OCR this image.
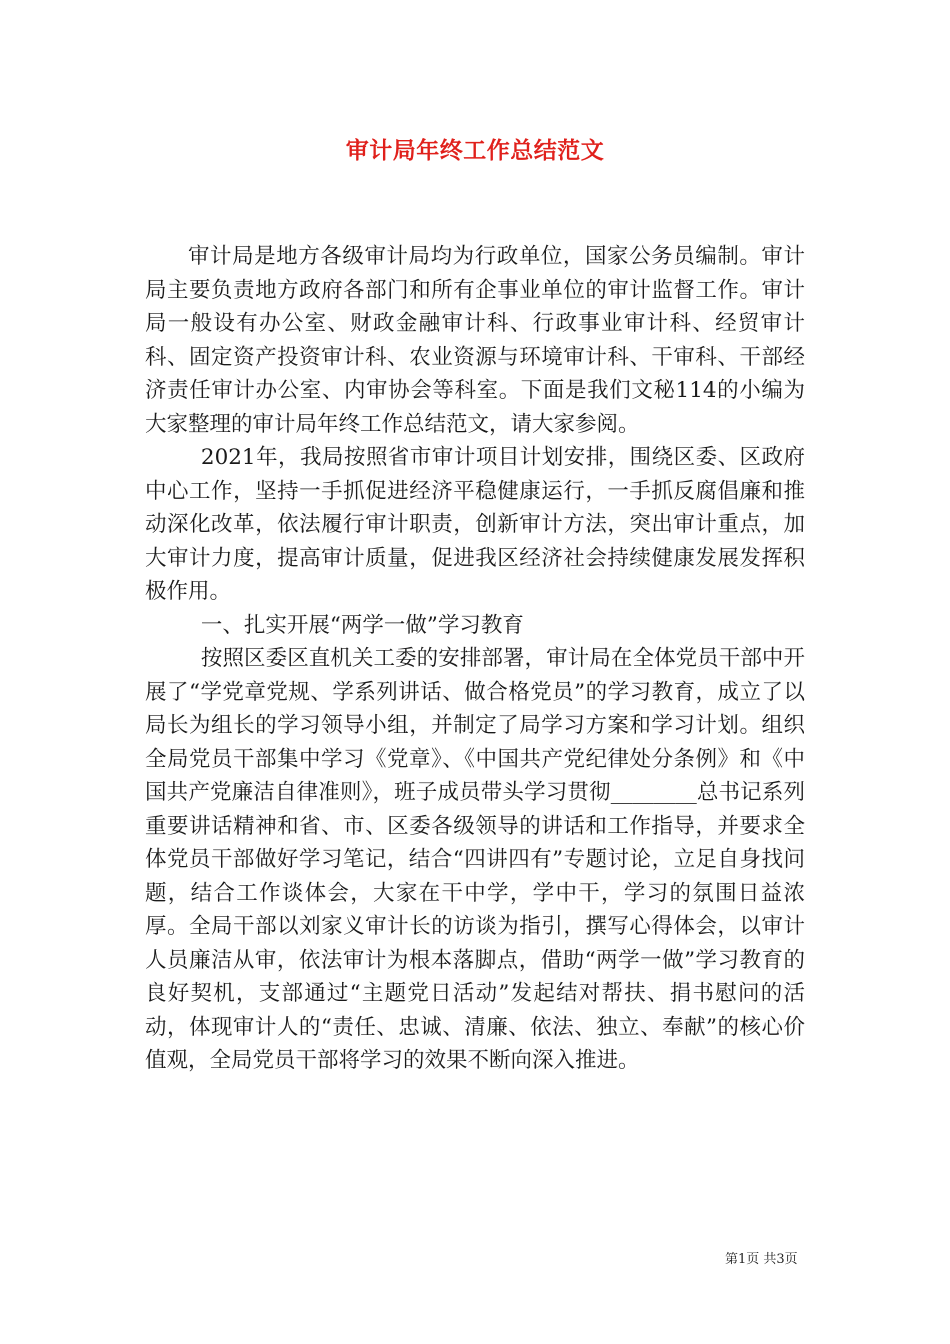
审计局年终工作总结范文

审计局是地方各级审计局均为行政单位，国家公务员编制。审计局主要负责地方政府各部门和所有企事业单位的审计监督工作。审计局一般设有办公室、财政金融审计科、行政事业审计科、经贸审计科、固定资产投资审计科、农业资源与环境审计科、干审科、干部经济责任审计办公室、内审协会等科室。下面是我们文秘114的小编为大家整理的审计局年终工作总结范文，请大家参阅。

2021年，我局按照省市审计项目计划安排，围绕区委、区政府中心工作，坚持一手抓促进经济平稳健康运行，一手抓反腐倡廉和推动深化改革，依法履行审计职责，创新审计方法，突出审计重点，加大审计力度，提高审计质量，促进我区经济社会持续健康发展发挥积极作用。

一、扎实开展“两学一做”学习教育

按照区委区直机关工委的安排部署，审计局在全体党员干部中开展了“学党章党规、学系列讲话、做合格党员”的学习教育，成立了以局长为组长的学习领导小组，并制定了局学习方案和学习计划。组织全局党员干部集中学习《党章》、《中国共产党纪律处分条例》和《中国共产党廉洁自律准则》，班子成员带头学习贯彻________总书记系列重要讲话精神和省、市、区委各级领导的讲话和工作指导，并要求全体党员干部做好学习笔记，结合“四讲四有”专题讨论，立足自身找问题，结合工作谈体会，大家在干中学，学中干，学习的氛围日益浓厚。全局干部以刘家义审计长的访谈为指引，撰写心得体会，以审计人员廉洁从审，依法审计为根本落脚点，借助“两学一做”学习教育的良好契机，支部通过“主题党日活动”发起结对帮扶、捐书慰问的活动，体现审计人的“责任、忠诚、清廉、依法、独立、奉献”的核心价值观，全局党员干部将学习的效果不断向深入推进。

第1页 共3页
